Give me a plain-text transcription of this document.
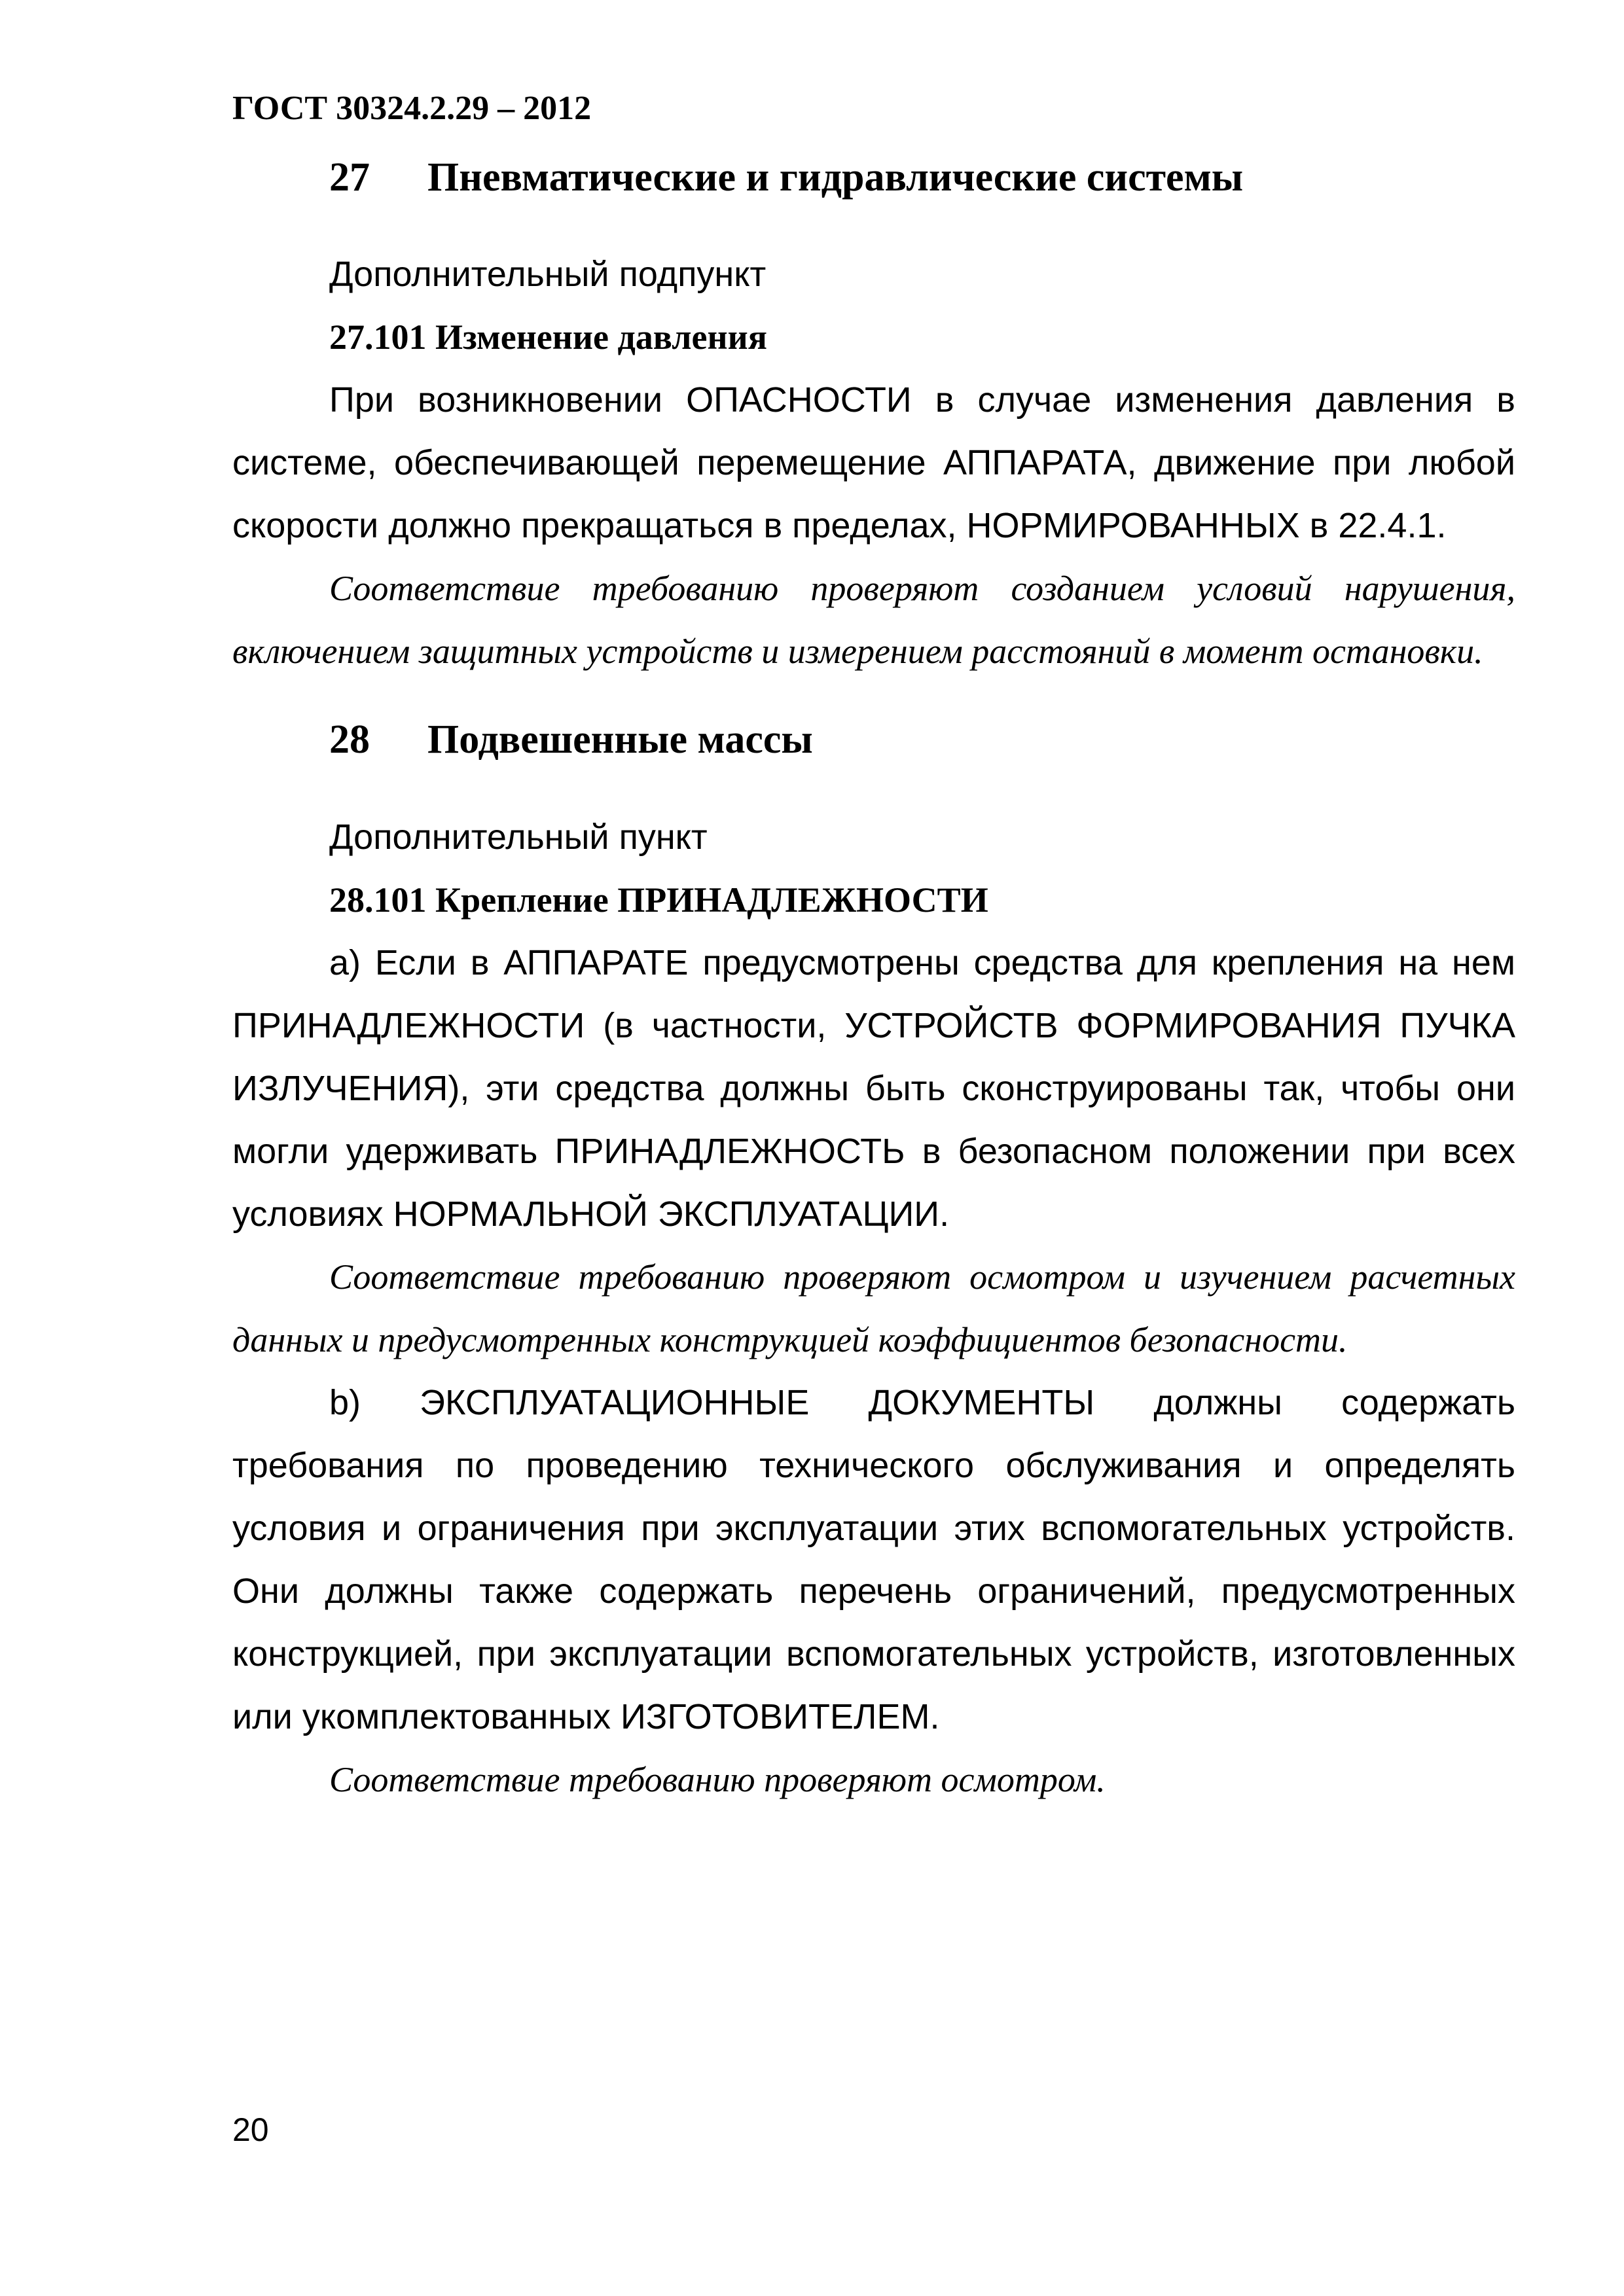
ГОСТ 30324.2.29 – 2012
27	Пневматические и гидравлические системы

Дополнительный подпункт

27.101 Изменение давления

При возникновении ОПАСНОСТИ в случае изменения давления в системе, обеспечивающей перемещение АППАРАТА, движение при любой скорости должно прекращаться в пределах, НОРМИРОВАННЫХ в 22.4.1.

Соответствие требованию проверяют созданием условий нарушения, включением защитных устройств и измерением расстояний в момент остановки.

28	Подвешенные массы

Дополнительный пункт

28.101 Крепление ПРИНАДЛЕЖНОСТИ

a) Если в АППАРАТЕ предусмотрены средства для крепления на нем ПРИНАДЛЕЖНОСТИ (в частности, УСТРОЙСТВ ФОРМИРОВАНИЯ ПУЧКА ИЗЛУЧЕНИЯ), эти средства должны быть сконструированы так, чтобы они могли удерживать ПРИНАДЛЕЖНОСТЬ в безопасном положении при всех условиях НОРМАЛЬНОЙ ЭКСПЛУАТАЦИИ.

Соответствие требованию проверяют осмотром и изучением расчетных данных и предусмотренных конструкцией коэффициентов безопасности.

b) ЭКСПЛУАТАЦИОННЫЕ ДОКУМЕНТЫ должны содержать требования по проведению технического обслуживания и определять условия и ограничения при эксплуатации этих вспомогательных устройств. Они должны также содержать перечень ограничений, предусмотренных конструкцией, при эксплуатации вспомогательных устройств, изготовленных или укомплектованных ИЗГОТОВИТЕЛЕМ.

Соответствие требованию проверяют осмотром.

20
